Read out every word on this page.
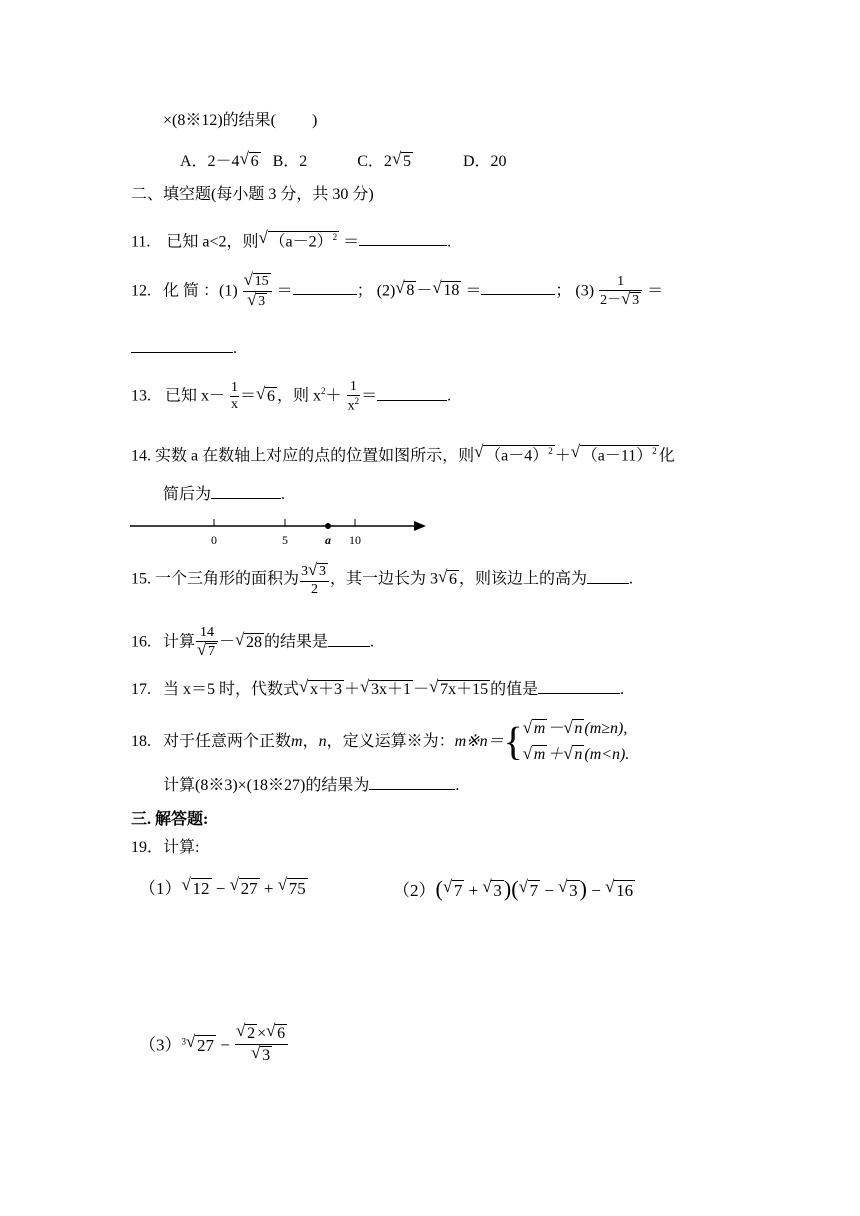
×(8※12)的结果( )
A．2－4 √ 6 B．2	C．2 √ 5	D．20
二、填空题(每小题 3 分，共 30 分)
11. 已知 a<2，则 √ $(a-2)^2$ ＝	.
12. 化 简 ：$(1) \frac{√ 15}{√ 3}$ ＝	； (2) √ 8 － √ 18 ＝	； $(3) \frac{1}{2- √ 3}$ ＝
.
13. 已知 $x- \frac{1}{x}$ ＝ √ 6 ，则 $x^2+ \frac{1}{x^2}$ ＝	.
14. 实数 a 在数轴上对应的点的位置如图所示，则 √ $(a-4)^2$ ＋ √ $(a-11)^2$ 化
简后为	.
0	5	10
a
15. 一个三角形的面积为 $\frac{3 √ 3}{2}$ ，其一边长为 3 √ 6 ，则该边上的高为	.
16. 计算 $\frac{14}{√ 7}$ － √ 28 的结果是	.
17. 当 x＝5 时，代数式 √ x＋3 ＋ √ 3x＋1 － √ 7x＋15 的值是	.
18. 对于任意两个正数m，n，定义运算※为：m※n＝{ √ m － √ n (m≥n),
√ m ＋ √ n (m<n).
计算(8※3)×(18※27)的结果为	.
三. 解答题:
19．计算:
（1） √ 12 − √ 27 + √ 75	（2）( √ 7 + √ 3)( √ 7 − √ 3) − √ 16
$(3)^3$ √ $27 - \frac{√ 2 \times √ 6}{√ 3}$
